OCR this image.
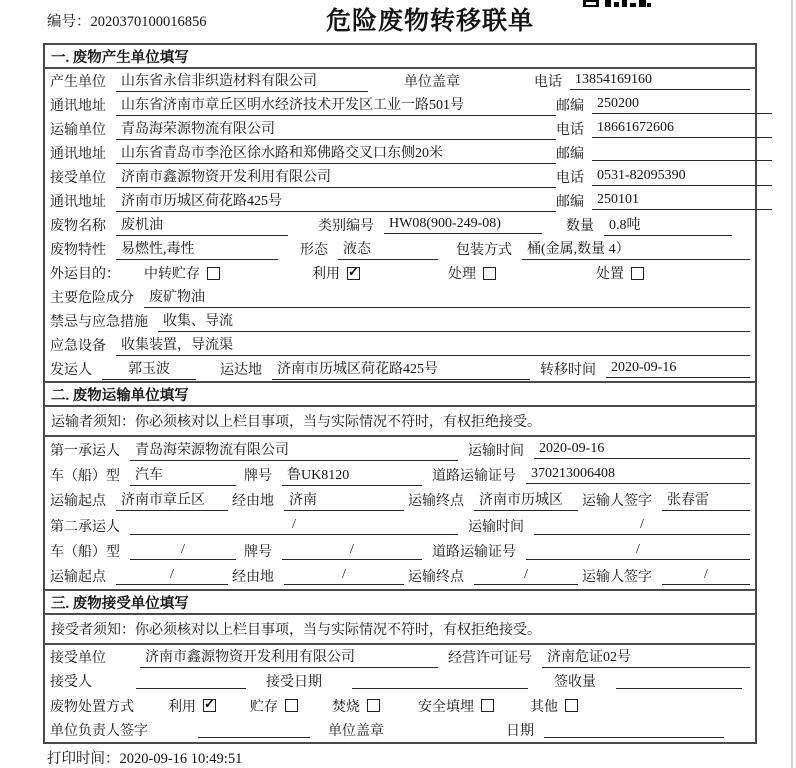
编号：2020370100016856	危险废物转移联单
一. 废物产生单位填写
产生单位	山东省永信非织造材料有限公司	单位盖章	电话 13854169160
通讯地址	山东省济南市章丘区明水经济技术开发区工业一路501号	邮编 250200
运输单位	青岛海荣源物流有限公司	电话 18661672606
通讯地址	山东省青岛市李沧区徐水路和郑佛路交叉口东侧20米	邮编
接受单位	济南市鑫源物资开发利用有限公司	电话 0531-82095390
通讯地址	济南市历城区荷花路425号	邮编 250101
废物名称	废机油	类别编号	HW08(900-249-08)	数量	0.8吨
废物特性	易燃性,毒性	形态	液态	包装方式	桶(金属,数量 4）
外运目的： 中转贮存	利用 ✓	处理	处置
主要危险成分	废矿物油
禁忌与应急措施	收集、导流
应急设备	收集装置，导流渠
发运人	郭玉波	运达地	济南市历城区荷花路425号	转移时间	2020-09-16
二. 废物运输单位填写
运输者须知：你必须核对以上栏目事项，当与实际情况不符时，有权拒绝接受。
第一承运人	青岛海荣源物流有限公司	运输时间	2020-09-16
车（船）型	汽车	牌号	鲁UK8120	道路运输证号	370213006408
运输起点	济南市章丘区	经由地	济南	运输终点	济南市历城区	运输人签字	张春雷
第二承运人	/	运输时间	/
车（船）型	/	牌号	/	道路运输证号	/
运输起点	/	经由地	/	运输终点	/	运输人签字	/
三. 废物接受单位填写
接受者须知：你必须核对以上栏目事项，当与实际情况不符时，有权拒绝接受。
接受单位	济南市鑫源物资开发利用有限公司	经营许可证号	济南危证02号
接受人	接受日期	签收量
废物处置方式 利用 ✓	贮存	焚烧	安全填埋	其他
单位负责人签字	单位盖章	日期
打印时间：2020-09-16 10:49:51
